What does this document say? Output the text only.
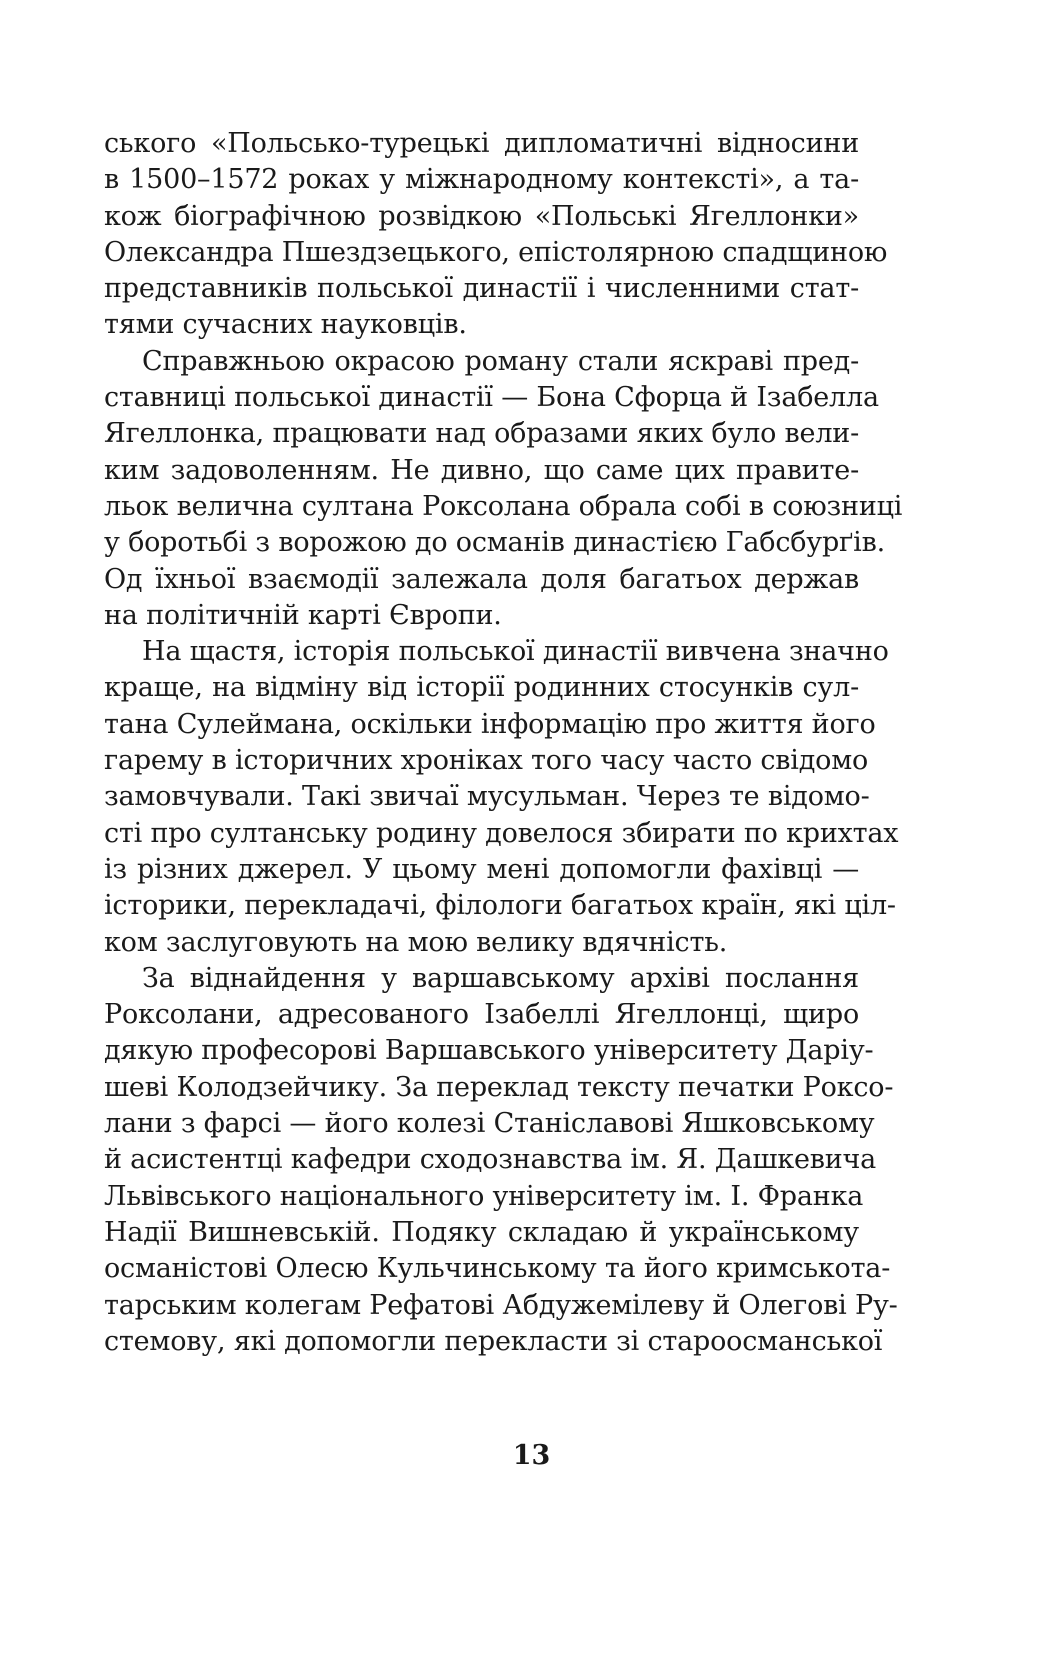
ського «Польсько-турецькі дипломатичні відносини
в 1500–1572 роках у міжнародному контексті», а та-
кож біографічною розвідкою «Польські Ягеллонки»
Олександра Пшездзецького, епістолярною спадщиною
представників польської династії і численними стат-
тями сучасних науковців.
Справжньою окрасою роману стали яскраві пред-
ставниці польської династії — Бона Сфорца й Ізабелла
Ягеллонка, працювати над образами яких було вели-
ким задоволенням. Не дивно, що саме цих правите-
льок велична султана Роксолана обрала собі в союзниці
у боротьбі з ворожою до османів династією Габсбурґів.
Од їхньої взаємодії залежала доля багатьох держав
на політичній карті Європи.
На щастя, історія польської династії вивчена значно
краще, на відміну від історії родинних стосунків сул-
тана Сулеймана, оскільки інформацію про життя його
гарему в історичних хроніках того часу часто свідомо
замовчували. Такі звичаї мусульман. Через те відомо-
сті про султанську родину довелося збирати по крихтах
із різних джерел. У цьому мені допомогли фахівці —
історики, перекладачі, філологи багатьох країн, які ціл-
ком заслуговують на мою велику вдячність.
За віднайдення у варшавському архіві послання
Роксолани, адресованого Ізабеллі Ягеллонці, щиро
дякую професорові Варшавського університету Даріу-
шеві Колодзейчику. За переклад тексту печатки Роксо-
лани з фарсі — його колезі Станіславові Яшковському
й асистентці кафедри сходознавства ім. Я. Дашкевича
Львівського національного університету ім. І. Франка
Надії Вишневській. Подяку складаю й українському
османістові Олесю Кульчинському та його кримськота-
тарським колегам Рефатові Абдужемілеву й Олегові Ру-
стемову, які допомогли перекласти зі староосманської
13
